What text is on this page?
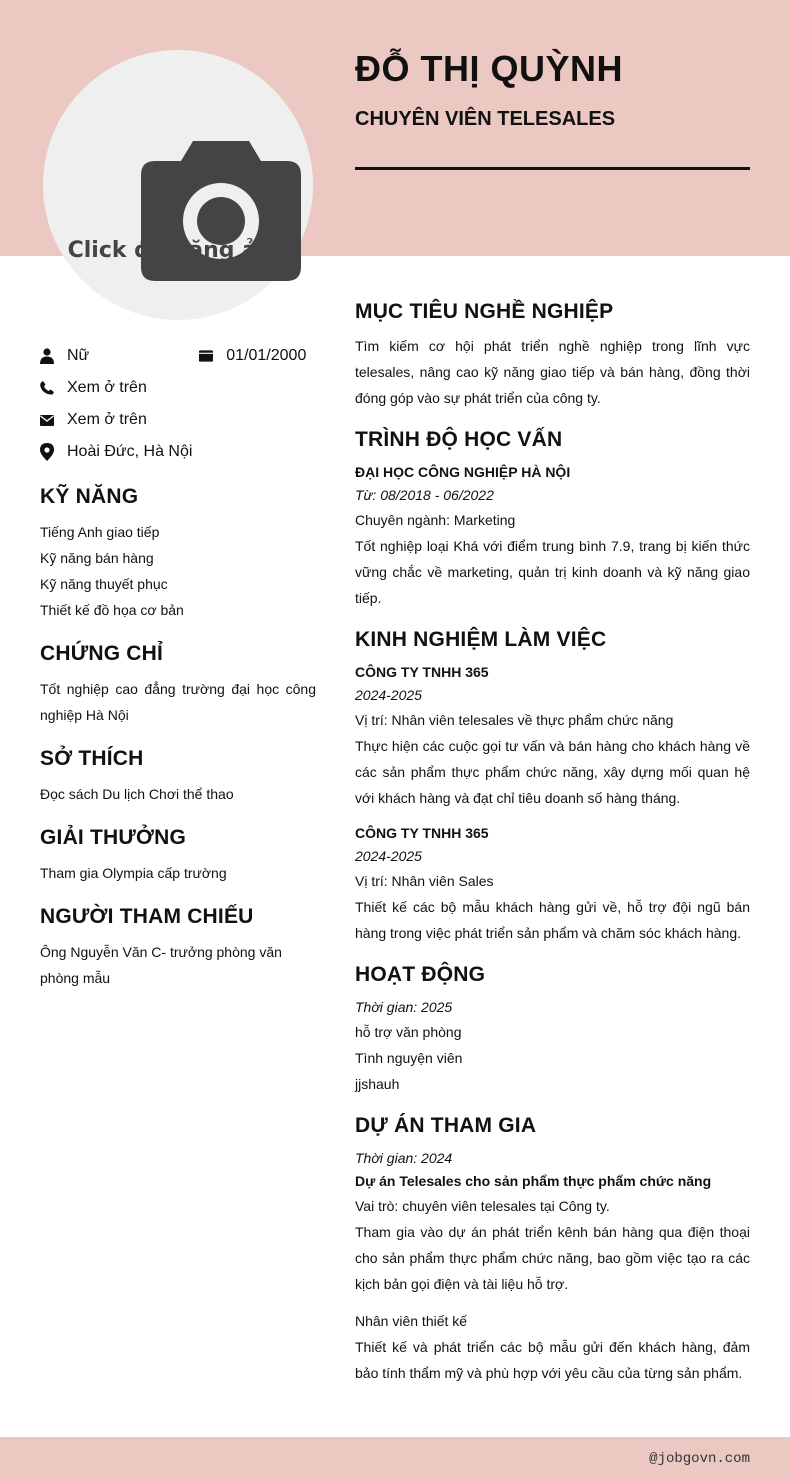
Click để đăng ảnh
ĐỖ THỊ QUỲNH
CHUYÊN VIÊN TELESALES
Nữ	01/01/2000
Xem ở trên
Xem ở trên
Hoài Đức, Hà Nội
KỸ NĂNG

Tiếng Anh giao tiếp

Kỹ năng bán hàng

Kỹ năng thuyết phục

Thiết kế đồ họa cơ bản

CHỨNG CHỈ

Tốt nghiệp cao đẳng trường đại học công nghiệp Hà Nội

SỞ THÍCH

Đọc sách Du lịch Chơi thể thao

GIẢI THƯỞNG

Tham gia Olympia cấp trường

NGƯỜI THAM CHIẾU

Ông Nguyễn Văn C- trưởng phòng văn phòng mẫu

MỤC TIÊU NGHỀ NGHIỆP

Tìm kiếm cơ hội phát triển nghề nghiệp trong lĩnh vực telesales, nâng cao kỹ năng giao tiếp và bán hàng, đồng thời đóng góp vào sự phát triển của công ty.

TRÌNH ĐỘ HỌC VẤN

ĐẠI HỌC CÔNG NGHIỆP HÀ NỘI

Từ: 08/2018 - 06/2022

Chuyên ngành: Marketing

Tốt nghiệp loại Khá với điểm trung bình 7.9, trang bị kiến thức vững chắc về marketing, quản trị kinh doanh và kỹ năng giao tiếp.

KINH NGHIỆM LÀM VIỆC

CÔNG TY TNHH 365

2024-2025

Vị trí: Nhân viên telesales về thực phẩm chức năng

Thực hiện các cuộc gọi tư vấn và bán hàng cho khách hàng về các sản phẩm thực phẩm chức năng, xây dựng mối quan hệ với khách hàng và đạt chỉ tiêu doanh số hàng tháng.

CÔNG TY TNHH 365

2024-2025

Vị trí: Nhân viên Sales

Thiết kế các bộ mẫu khách hàng gửi về, hỗ trợ đội ngũ bán hàng trong việc phát triển sản phẩm và chăm sóc khách hàng.

HOẠT ĐỘNG

Thời gian: 2025

hỗ trợ văn phòng

Tình nguyện viên

jjshauh

DỰ ÁN THAM GIA

Thời gian: 2024

Dự án Telesales cho sản phẩm thực phẩm chức năng

Vai trò: chuyên viên telesales tại Công ty.

Tham gia vào dự án phát triển kênh bán hàng qua điện thoại cho sản phẩm thực phẩm chức năng, bao gồm việc tạo ra các kịch bản gọi điện và tài liệu hỗ trợ.

Nhân viên thiết kế

Thiết kế và phát triển các bộ mẫu gửi đến khách hàng, đảm bảo tính thẩm mỹ và phù hợp với yêu cầu của từng sản phẩm.

@jobgovn.com
